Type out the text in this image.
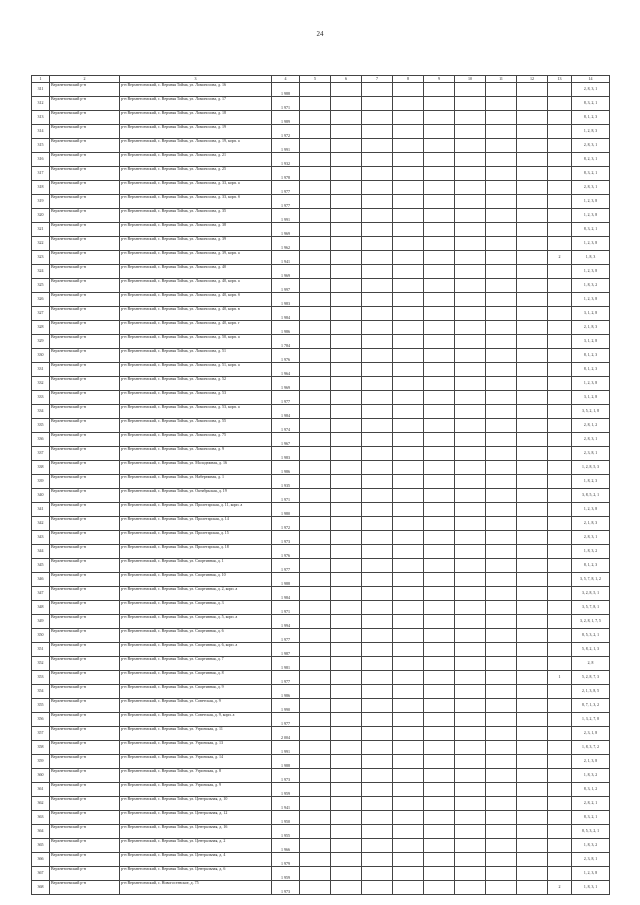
24
1	2	3	4	5	6	7	8	9	10	11	12	13	14
311	Верхнетоемский р-н	р-н Верхнетоемский, с. Верхняя Тойма, ул. Ломоносова, д. 16	1 988										2, 8, 3, 1
312	Верхнетоемский р-н	р-н Верхнетоемский, с. Верхняя Тойма, ул. Ломоносова, д. 17	1 971										8, 3, 2, 1
313	Верхнетоемский р-н	р-н Верхнетоемский, с. Верхняя Тойма, ул. Ломоносова, д. 18	1 989										8, 1, 2, 3
314	Верхнетоемский р-н	р-н Верхнетоемский, с. Верхняя Тойма, ул. Ломоносова, д. 19	1 972										1, 2, 8, 3
315	Верхнетоемский р-н	р-н Верхнетоемский, с. Верхняя Тойма, ул. Ломоносова, д. 19, корп. а	1 991										2, 8, 3, 1
316	Верхнетоемский р-н	р-н Верхнетоемский, с. Верхняя Тойма, ул. Ломоносова, д. 21	1 932										8, 2, 3, 1
317	Верхнетоемский р-н	р-н Верхнетоемский, с. Верхняя Тойма, ул. Ломоносова, д. 25	1 978										8, 3, 2, 1
318	Верхнетоемский р-н	р-н Верхнетоемский, с. Верхняя Тойма, ул. Ломоносова, д. 33, корп. а	1 977										2, 8, 3, 1
319	Верхнетоемский р-н	р-н Верхнетоемский, с. Верхняя Тойма, ул. Ломоносова, д. 33, корп. б	1 977										1, 2, 3, 8
320	Верхнетоемский р-н	р-н Верхнетоемский, с. Верхняя Тойма, ул. Ломоносова, д. 35	1 991										1, 2, 3, 8
321	Верхнетоемский р-н	р-н Верхнетоемский, с. Верхняя Тойма, ул. Ломоносова, д. 38	1 969										8, 3, 2, 1
322	Верхнетоемский р-н	р-н Верхнетоемский, с. Верхняя Тойма, ул. Ломоносова, д. 39	1 962										1, 2, 3, 8
323	Верхнетоемский р-н	р-н Верхнетоемский, с. Верхняя Тойма, ул. Ломоносова, д. 39, корп. а	1 941									2	1, 8, 3
324	Верхнетоемский р-н	р-н Верхнетоемский, с. Верхняя Тойма, ул. Ломоносова, д. 40	1 969										1, 2, 3, 8
325	Верхнетоемский р-н	р-н Верхнетоемский, с. Верхняя Тойма, ул. Ломоносова, д. 40, корп. а	1 997										1, 8, 3, 2
326	Верхнетоемский р-н	р-н Верхнетоемский, с. Верхняя Тойма, ул. Ломоносова, д. 40, корп. б	1 983										1, 2, 3, 8
327	Верхнетоемский р-н	р-н Верхнетоемский, с. Верхняя Тойма, ул. Ломоносова, д. 40, корп. в	1 984										3, 1, 2, 8
328	Верхнетоемский р-н	р-н Верхнетоемский, с. Верхняя Тойма, ул. Ломоносова, д. 40, корп. г	1 986										2, 1, 8, 3
329	Верхнетоемский р-н	р-н Верхнетоемский, с. Верхняя Тойма, ул. Ломоносова, д. 50, корп. а	1 784										3, 1, 2, 8
330	Верхнетоемский р-н	р-н Верхнетоемский, с. Верхняя Тойма, ул. Ломоносова, д. 51	1 976										8, 1, 2, 3
331	Верхнетоемский р-н	р-н Верхнетоемский, с. Верхняя Тойма, ул. Ломоносова, д. 51, корп. а	1 964										8, 1, 2, 3
332	Верхнетоемский р-н	р-н Верхнетоемский, с. Верхняя Тойма, ул. Ломоносова, д. 52	1 969										1, 2, 3, 8
333	Верхнетоемский р-н	р-н Верхнетоемский, с. Верхняя Тойма, ул. Ломоносова, д. 53	1 977										3, 1, 2, 8
334	Верхнетоемский р-н	р-н Верхнетоемский, с. Верхняя Тойма, ул. Ломоносова, д. 53, корп. а	1 984										3, 5, 2, 1, 8
335	Верхнетоемский р-н	р-н Верхнетоемский, с. Верхняя Тойма, ул. Ломоносова, д. 55	1 974										2, 8, 1, 2
336	Верхнетоемский р-н	р-н Верхнетоемский, с. Верхняя Тойма, ул. Ломоносова, д. 75	1 967										2, 8, 3, 1
337	Верхнетоемский р-н	р-н Верхнетоемский, с. Верхняя Тойма, ул. Ломоносова, д. 9	1 983										2, 3, 8, 1
338	Верхнетоемский р-н	р-н Верхнетоемский, с. Верхняя Тойма, ул. Молодежная, д. 16	1 986										1, 2, 8, 5, 3
339	Верхнетоемский р-н	р-н Верхнетоемский, с. Верхняя Тойма, ул. Набережная, д. 1	1 935										1, 8, 2, 3
340	Верхнетоемский р-н	р-н Верхнетоемский, с. Верхняя Тойма, ул. Октябрьская, д. 19	1 971										3, 8, 5, 2, 1
341	Верхнетоемский р-н	р-н Верхнетоемский, с. Верхняя Тойма, ул. Пролетарская, д. 11, корп. а	1 980										1, 2, 3, 8
342	Верхнетоемский р-н	р-н Верхнетоемский, с. Верхняя Тойма, ул. Пролетарская, д. 14	1 972										2, 1, 8, 3
343	Верхнетоемский р-н	р-н Верхнетоемский, с. Верхняя Тойма, ул. Пролетарская, д. 15	1 973										2, 8, 3, 1
344	Верхнетоемский р-н	р-н Верхнетоемский, с. Верхняя Тойма, ул. Пролетарская, д. 18	1 976										1, 8, 3, 2
345	Верхнетоемский р-н	р-н Верхнетоемский, с. Верхняя Тойма, ул. Спортивная, д. 1	1 977										8, 1, 2, 3
346	Верхнетоемский р-н	р-н Верхнетоемский, с. Верхняя Тойма, ул. Спортивная, д. 10	1 988										3, 5, 7, 8, 1, 2
347	Верхнетоемский р-н	р-н Верхнетоемский, с. Верхняя Тойма, ул. Спортивная, д. 2, корп. а	1 984										3, 2, 8, 5, 1
348	Верхнетоемский р-н	р-н Верхнетоемский, с. Верхняя Тойма, ул. Спортивная, д. 3	1 971										3, 5, 7, 8, 1
349	Верхнетоемский р-н	р-н Верхнетоемский, с. Верхняя Тойма, ул. Спортивная, д. 5, корп. а	1 994										3, 2, 8, 1, 7, 5
350	Верхнетоемский р-н	р-н Верхнетоемский, с. Верхняя Тойма, ул. Спортивная, д. 6	1 977										8, 5, 3, 2, 1
351	Верхнетоемский р-н	р-н Верхнетоемский, с. Верхняя Тойма, ул. Спортивная, д. 6, корп. а	1 987										5, 8, 2, 1, 3
352	Верхнетоемский р-н	р-н Верхнетоемский, с. Верхняя Тойма, ул. Спортивная, д. 7	1 981										2, 8
353	Верхнетоемский р-н	р-н Верхнетоемский, с. Верхняя Тойма, ул. Спортивная, д. 8	1 977									1	5, 2, 8, 7, 3
354	Верхнетоемский р-н	р-н Верхнетоемский, с. Верхняя Тойма, ул. Спортивная, д. 9	1 986										2, 1, 3, 8, 5
355	Верхнетоемский р-н	р-н Верхнетоемский, с. Верхняя Тойма, ул. Советская, д. 9	1 990										8, 7, 1, 3, 2
356	Верхнетоемский р-н	р-н Верхнетоемский, с. Верхняя Тойма, ул. Советская, д. 9, корп. а	1 977										1, 3, 2, 7, 8
357	Верхнетоемский р-н	р-н Верхнетоемский, с. Верхняя Тойма, ул. Угринская, д. 11	2 004										2, 3, 1, 8
358	Верхнетоемский р-н	р-н Верхнетоемский, с. Верхняя Тойма, ул. Угринская, д. 13	1 991										1, 8, 3, 7, 2
359	Верхнетоемский р-н	р-н Верхнетоемский, с. Верхняя Тойма, ул. Угринская, д. 14	1 988										2, 1, 3, 8
360	Верхнетоемский р-н	р-н Верхнетоемский, с. Верхняя Тойма, ул. Угринская, д. 8	1 973										1, 8, 3, 2
361	Верхнетоемский р-н	р-н Верхнетоемский, с. Верхняя Тойма, ул. Угринская, д. 9	1 959										8, 3, 1, 2
362	Верхнетоемский р-н	р-н Верхнетоемский, с. Верхняя Тойма, ул. Центральная, д. 10	1 941										2, 8, 2, 1
363	Верхнетоемский р-н	р-н Верхнетоемский, с. Верхняя Тойма, ул. Центральная, д. 12	1 950										8, 3, 2, 1
364	Верхнетоемский р-н	р-н Верхнетоемский, с. Верхняя Тойма, ул. Центральная, д. 16	1 955										8, 5, 3, 2, 1
365	Верхнетоемский р-н	р-н Верхнетоемский, с. Верхняя Тойма, ул. Центральная, д. 2	1 966										1, 8, 3, 2
366	Верхнетоемский р-н	р-н Верхнетоемский, с. Верхняя Тойма, ул. Центральная, д. 4	1 979										2, 3, 8, 1
367	Верхнетоемский р-н	р-н Верхнетоемский, с. Верхняя Тойма, ул. Центральная, д. 6	1 959										1, 2, 3, 8
368	Верхнетоемский р-н	р-н Верхнетоемский, с. Новогостевское, д. 75	1 973									2	1, 8, 3, 1
